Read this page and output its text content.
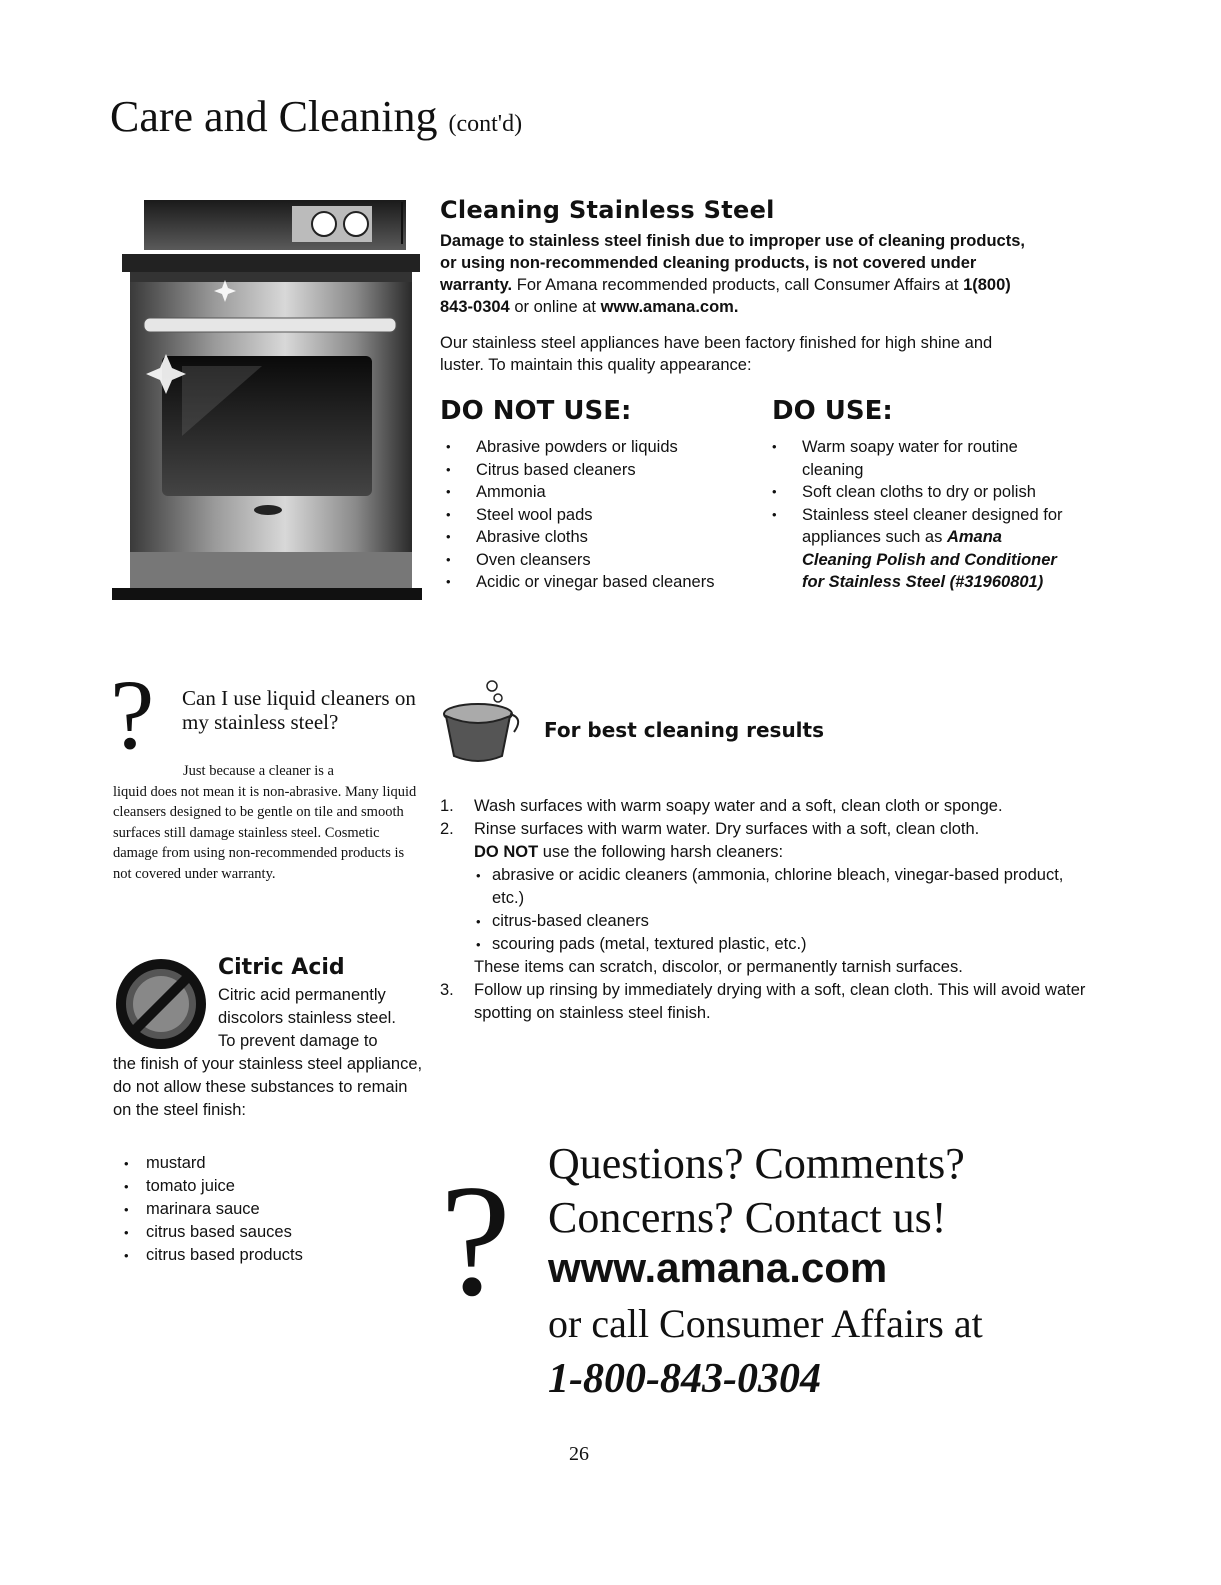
Care and Cleaning (cont'd)
Cleaning Stainless Steel
Damage to stainless steel finish due to improper use of cleaning products, or using non-recommended cleaning products, is not covered under warranty. For Amana recommended products, call Consumer Affairs at 1(800) 843-0304 or online at www.amana.com.
Our stainless steel appliances have been factory finished for high shine and luster. To maintain this quality appearance:
DO NOT USE:	DO USE:
• Abrasive powders or liquids
• Citrus based cleaners
• Ammonia
• Steel wool pads
• Abrasive cloths
• Oven cleansers
• Acidic or vinegar based cleaners
• Warm soapy water for routine cleaning
• Soft clean cloths to dry or polish
• Stainless steel cleaner designed for appliances such as Amana Cleaning Polish and Conditioner for Stainless Steel (#31960801)
? Can I use liquid cleaners on my stainless steel?
Just because a cleaner is a
liquid does not mean it is non-abrasive. Many liquid cleansers designed to be gentle on tile and smooth surfaces still damage stainless steel. Cosmetic damage from using non-recommended products is not covered under warranty.
Citric Acid
Citric acid permanently
discolors stainless steel.
To prevent damage to
the finish of your stainless steel appliance, do not allow these substances to remain on the steel finish:
• mustard
• tomato juice
• marinara sauce
• citrus based sauces
• citrus based products
For best cleaning results
1. Wash surfaces with warm soapy water and a soft, clean cloth or sponge.
2. Rinse surfaces with warm water. Dry surfaces with a soft, clean cloth.
DO NOT use the following harsh cleaners:
• abrasive or acidic cleaners (ammonia, chlorine bleach, vinegar-based product, etc.)
• citrus-based cleaners
• scouring pads (metal, textured plastic, etc.)
These items can scratch, discolor, or permanently tarnish surfaces.
3. Follow up rinsing by immediately drying with a soft, clean cloth. This will avoid water spotting on stainless steel finish.
? Questions? Comments?
Concerns? Contact us!
www.amana.com
or call Consumer Affairs at
1-800-843-0304
26
